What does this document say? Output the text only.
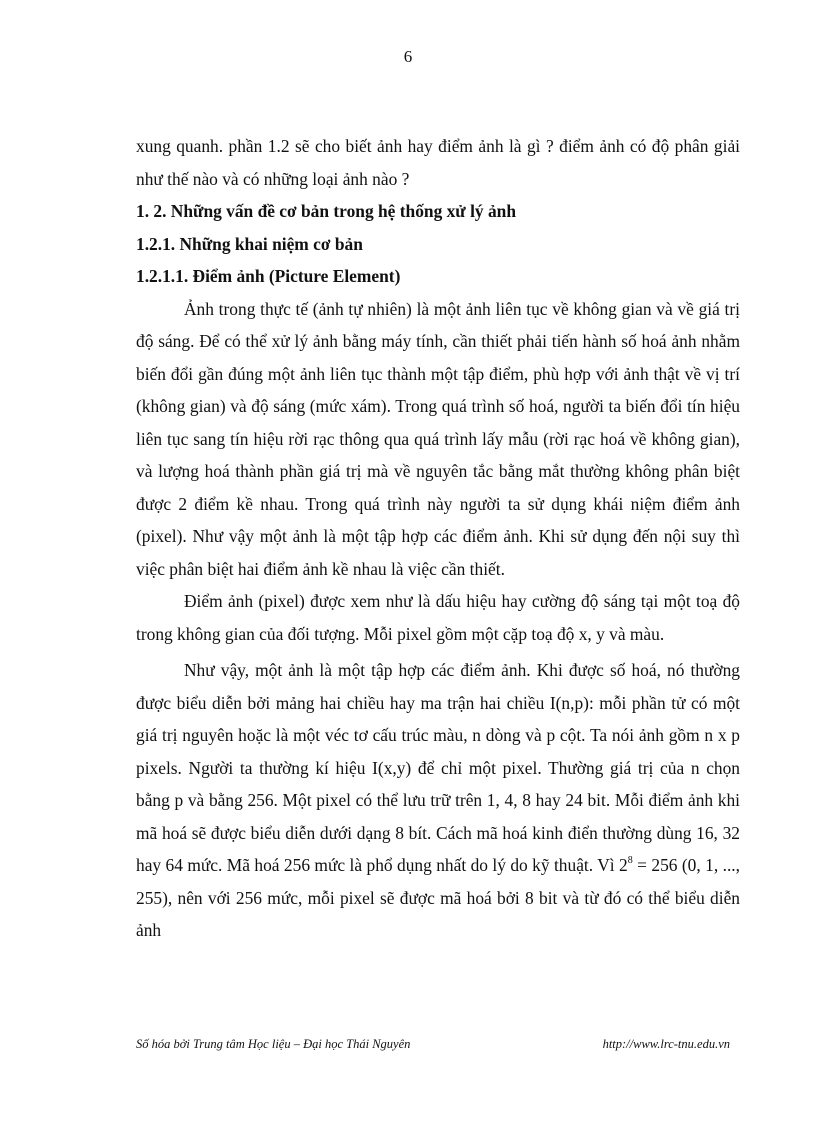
6

xung quanh. phần 1.2 sẽ cho biết ảnh hay điểm ảnh là gì ? điểm ảnh có độ phân giải như thế nào và có những loại ảnh nào ?

1. 2. Những vấn đề cơ bản trong hệ thống xử lý ảnh

1.2.1. Những khai niệm cơ bản

1.2.1.1. Điểm ảnh (Picture Element)

Ảnh trong thực tế (ảnh tự nhiên) là một ảnh liên tục về không gian và về giá trị độ sáng. Để có thể xử lý ảnh bằng máy tính, cần thiết phải tiến hành số hoá ảnh nhằm biến đổi gần đúng một ảnh liên tục thành một tập điểm, phù hợp với ảnh thật về vị trí (không gian) và độ sáng (mức xám). Trong quá trình số hoá, người ta biến đổi tín hiệu liên tục sang tín hiệu rời rạc thông qua quá trình lấy mẫu (rời rạc hoá về không gian), và lượng hoá thành phần giá trị mà về nguyên tắc bằng mắt thường không phân biệt được 2 điểm kề nhau. Trong quá trình này người ta sử dụng khái niệm điểm ảnh (pixel). Như vậy một ảnh là một tập hợp các điểm ảnh. Khi sử dụng đến nội suy thì việc phân biệt hai điểm ảnh kề nhau là việc cần thiết.

Điểm ảnh (pixel) được xem như là dấu hiệu hay cường độ sáng tại một toạ độ trong không gian của đối tượng. Mỗi pixel gồm một cặp toạ độ x, y và màu.

Như vậy, một ảnh là một tập hợp các điểm ảnh. Khi được số hoá, nó thường được biểu diễn bởi mảng hai chiều hay ma trận hai chiều I(n,p): mỗi phần tử có một giá trị nguyên hoặc là một véc tơ cấu trúc màu, n dòng và p cột. Ta nói ảnh gồm n x p pixels. Người ta thường kí hiệu I(x,y) để chỉ một pixel. Thường giá trị của n chọn bằng p và bằng 256. Một pixel có thể lưu trữ trên 1, 4, 8 hay 24 bit. Mỗi điểm ảnh khi mã hoá sẽ được biểu diễn dưới dạng 8 bít. Cách mã hoá kinh điển thường dùng 16, 32 hay 64 mức. Mã hoá 256 mức là phổ dụng nhất do lý do kỹ thuật. Vì $2^8 = 256$ (0, 1, ..., 255), nên với 256 mức, mỗi pixel sẽ được mã hoá bởi 8 bit và từ đó có thể biểu diễn ảnh

Số hóa bởi Trung tâm Học liệu – Đại học Thái Nguyên	http://www.lrc-tnu.edu.vn
